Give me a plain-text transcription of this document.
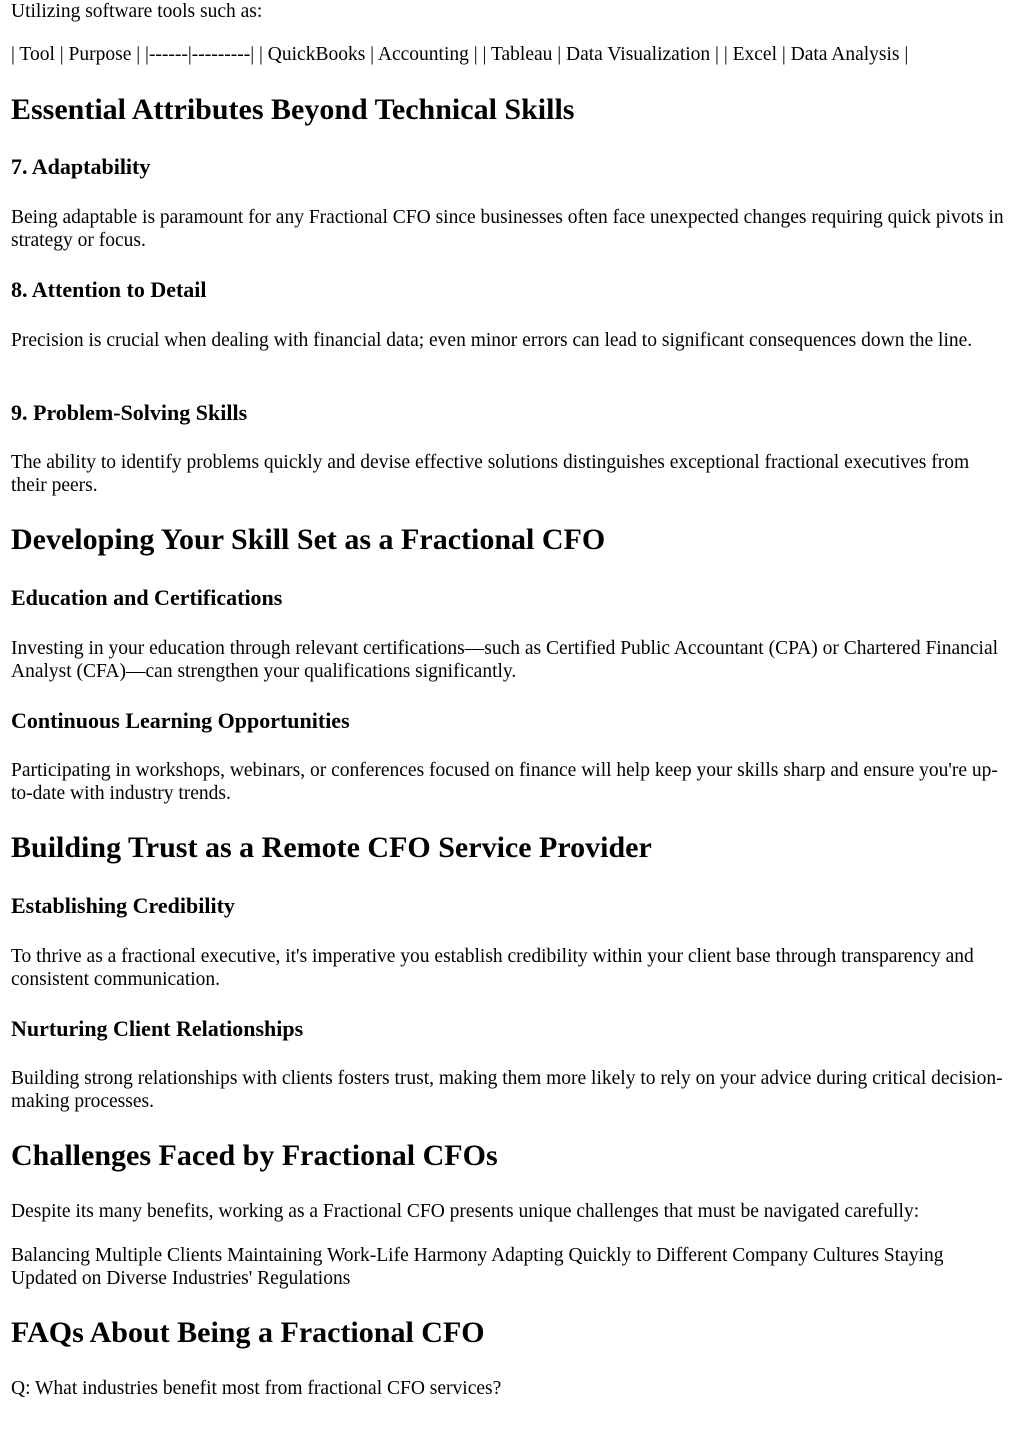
Utilizing software tools such as:

| Tool | Purpose | |------|---------| | QuickBooks | Accounting | | Tableau | Data Visualization | | Excel | Data Analysis |

Essential Attributes Beyond Technical Skills
7. Adaptability

Being adaptable is paramount for any Fractional CFO since businesses often face unexpected changes requiring quick pivots in strategy or focus.

8. Attention to Detail

Precision is crucial when dealing with financial data; even minor errors can lead to significant consequences down the line.

9. Problem-Solving Skills

The ability to identify problems quickly and devise effective solutions distinguishes exceptional fractional executives from their peers.

Developing Your Skill Set as a Fractional CFO
Education and Certifications

Investing in your education through relevant certifications—such as Certified Public Accountant (CPA) or Chartered Financial Analyst (CFA)—can strengthen your qualifications significantly.

Continuous Learning Opportunities

Participating in workshops, webinars, or conferences focused on finance will help keep your skills sharp and ensure you're up-to-date with industry trends.

Building Trust as a Remote CFO Service Provider
Establishing Credibility

To thrive as a fractional executive, it's imperative you establish credibility within your client base through transparency and consistent communication.

Nurturing Client Relationships

Building strong relationships with clients fosters trust, making them more likely to rely on your advice during critical decision-making processes.

Challenges Faced by Fractional CFOs

Despite its many benefits, working as a Fractional CFO presents unique challenges that must be navigated carefully:

Balancing Multiple Clients Maintaining Work-Life Harmony Adapting Quickly to Different Company Cultures Staying Updated on Diverse Industries' Regulations

FAQs About Being a Fractional CFO

Q: What industries benefit most from fractional CFO services?
